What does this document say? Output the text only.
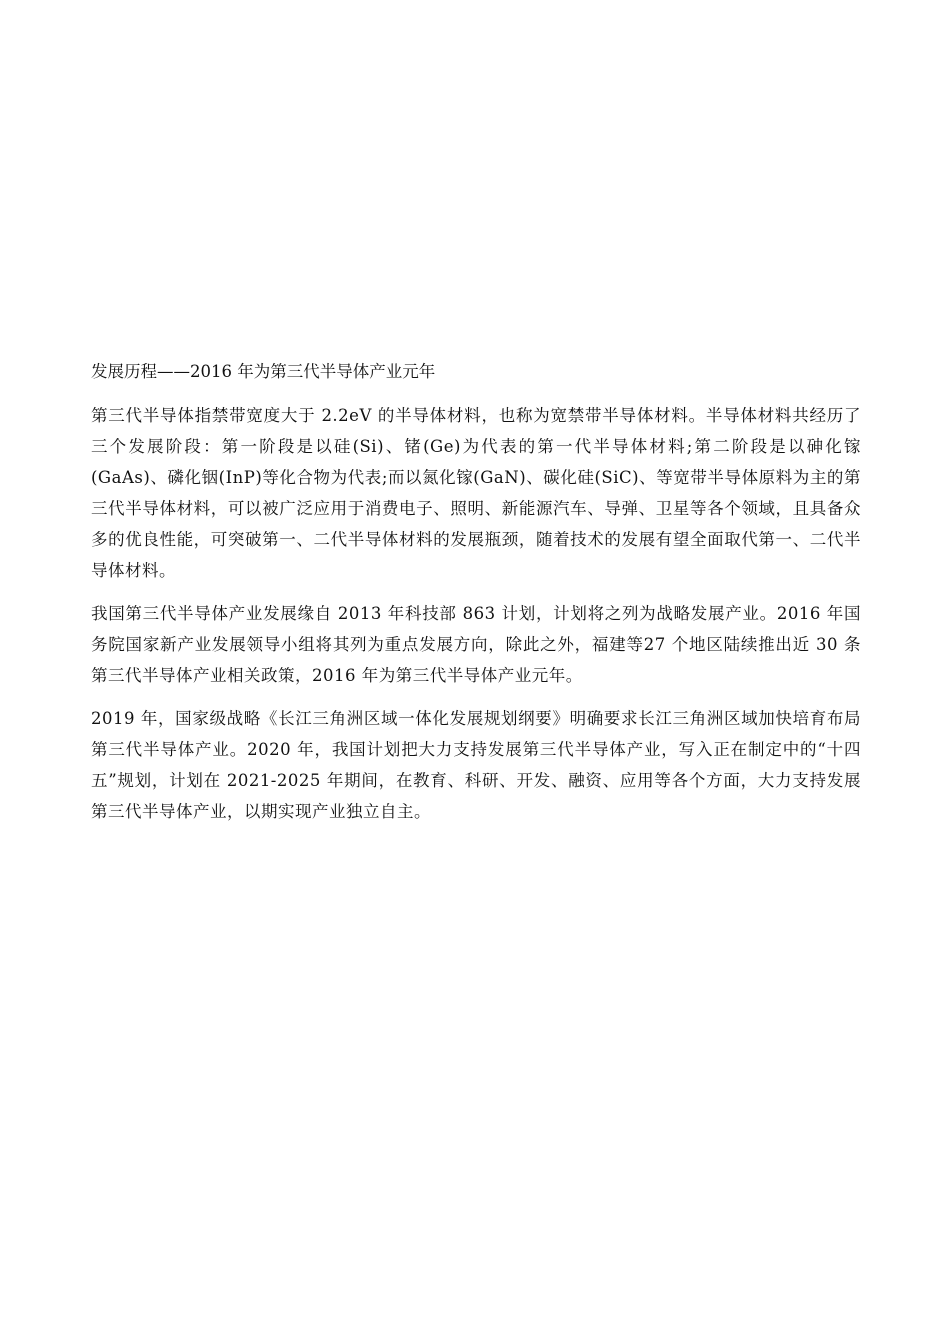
发展历程——2016 年为第三代半导体产业元年

第三代半导体指禁带宽度大于 2.2eV 的半导体材料，也称为宽禁带半导体材料。半导体材料共经历了三个发展阶段：第一阶段是以硅(Si)、锗(Ge)为代表的第一代半导体材料;第二阶段是以砷化镓(GaAs)、磷化铟(InP)等化合物为代表;而以氮化镓(GaN)、碳化硅(SiC)、等宽带半导体原料为主的第三代半导体材料，可以被广泛应用于消费电子、照明、新能源汽车、导弹、卫星等各个领域，且具备众多的优良性能，可突破第一、二代半导体材料的发展瓶颈，随着技术的发展有望全面取代第一、二代半导体材料。

我国第三代半导体产业发展缘自 2013 年科技部 863 计划，计划将之列为战略发展产业。2016 年国务院国家新产业发展领导小组将其列为重点发展方向，除此之外，福建等27 个地区陆续推出近 30 条第三代半导体产业相关政策，2016 年为第三代半导体产业元年。

2019 年，国家级战略《长江三角洲区域一体化发展规划纲要》明确要求长江三角洲区域加快培育布局第三代半导体产业。2020 年，我国计划把大力支持发展第三代半导体产业，写入正在制定中的“十四五”规划，计划在 2021-2025 年期间，在教育、科研、开发、融资、应用等各个方面，大力支持发展第三代半导体产业，以期实现产业独立自主。
